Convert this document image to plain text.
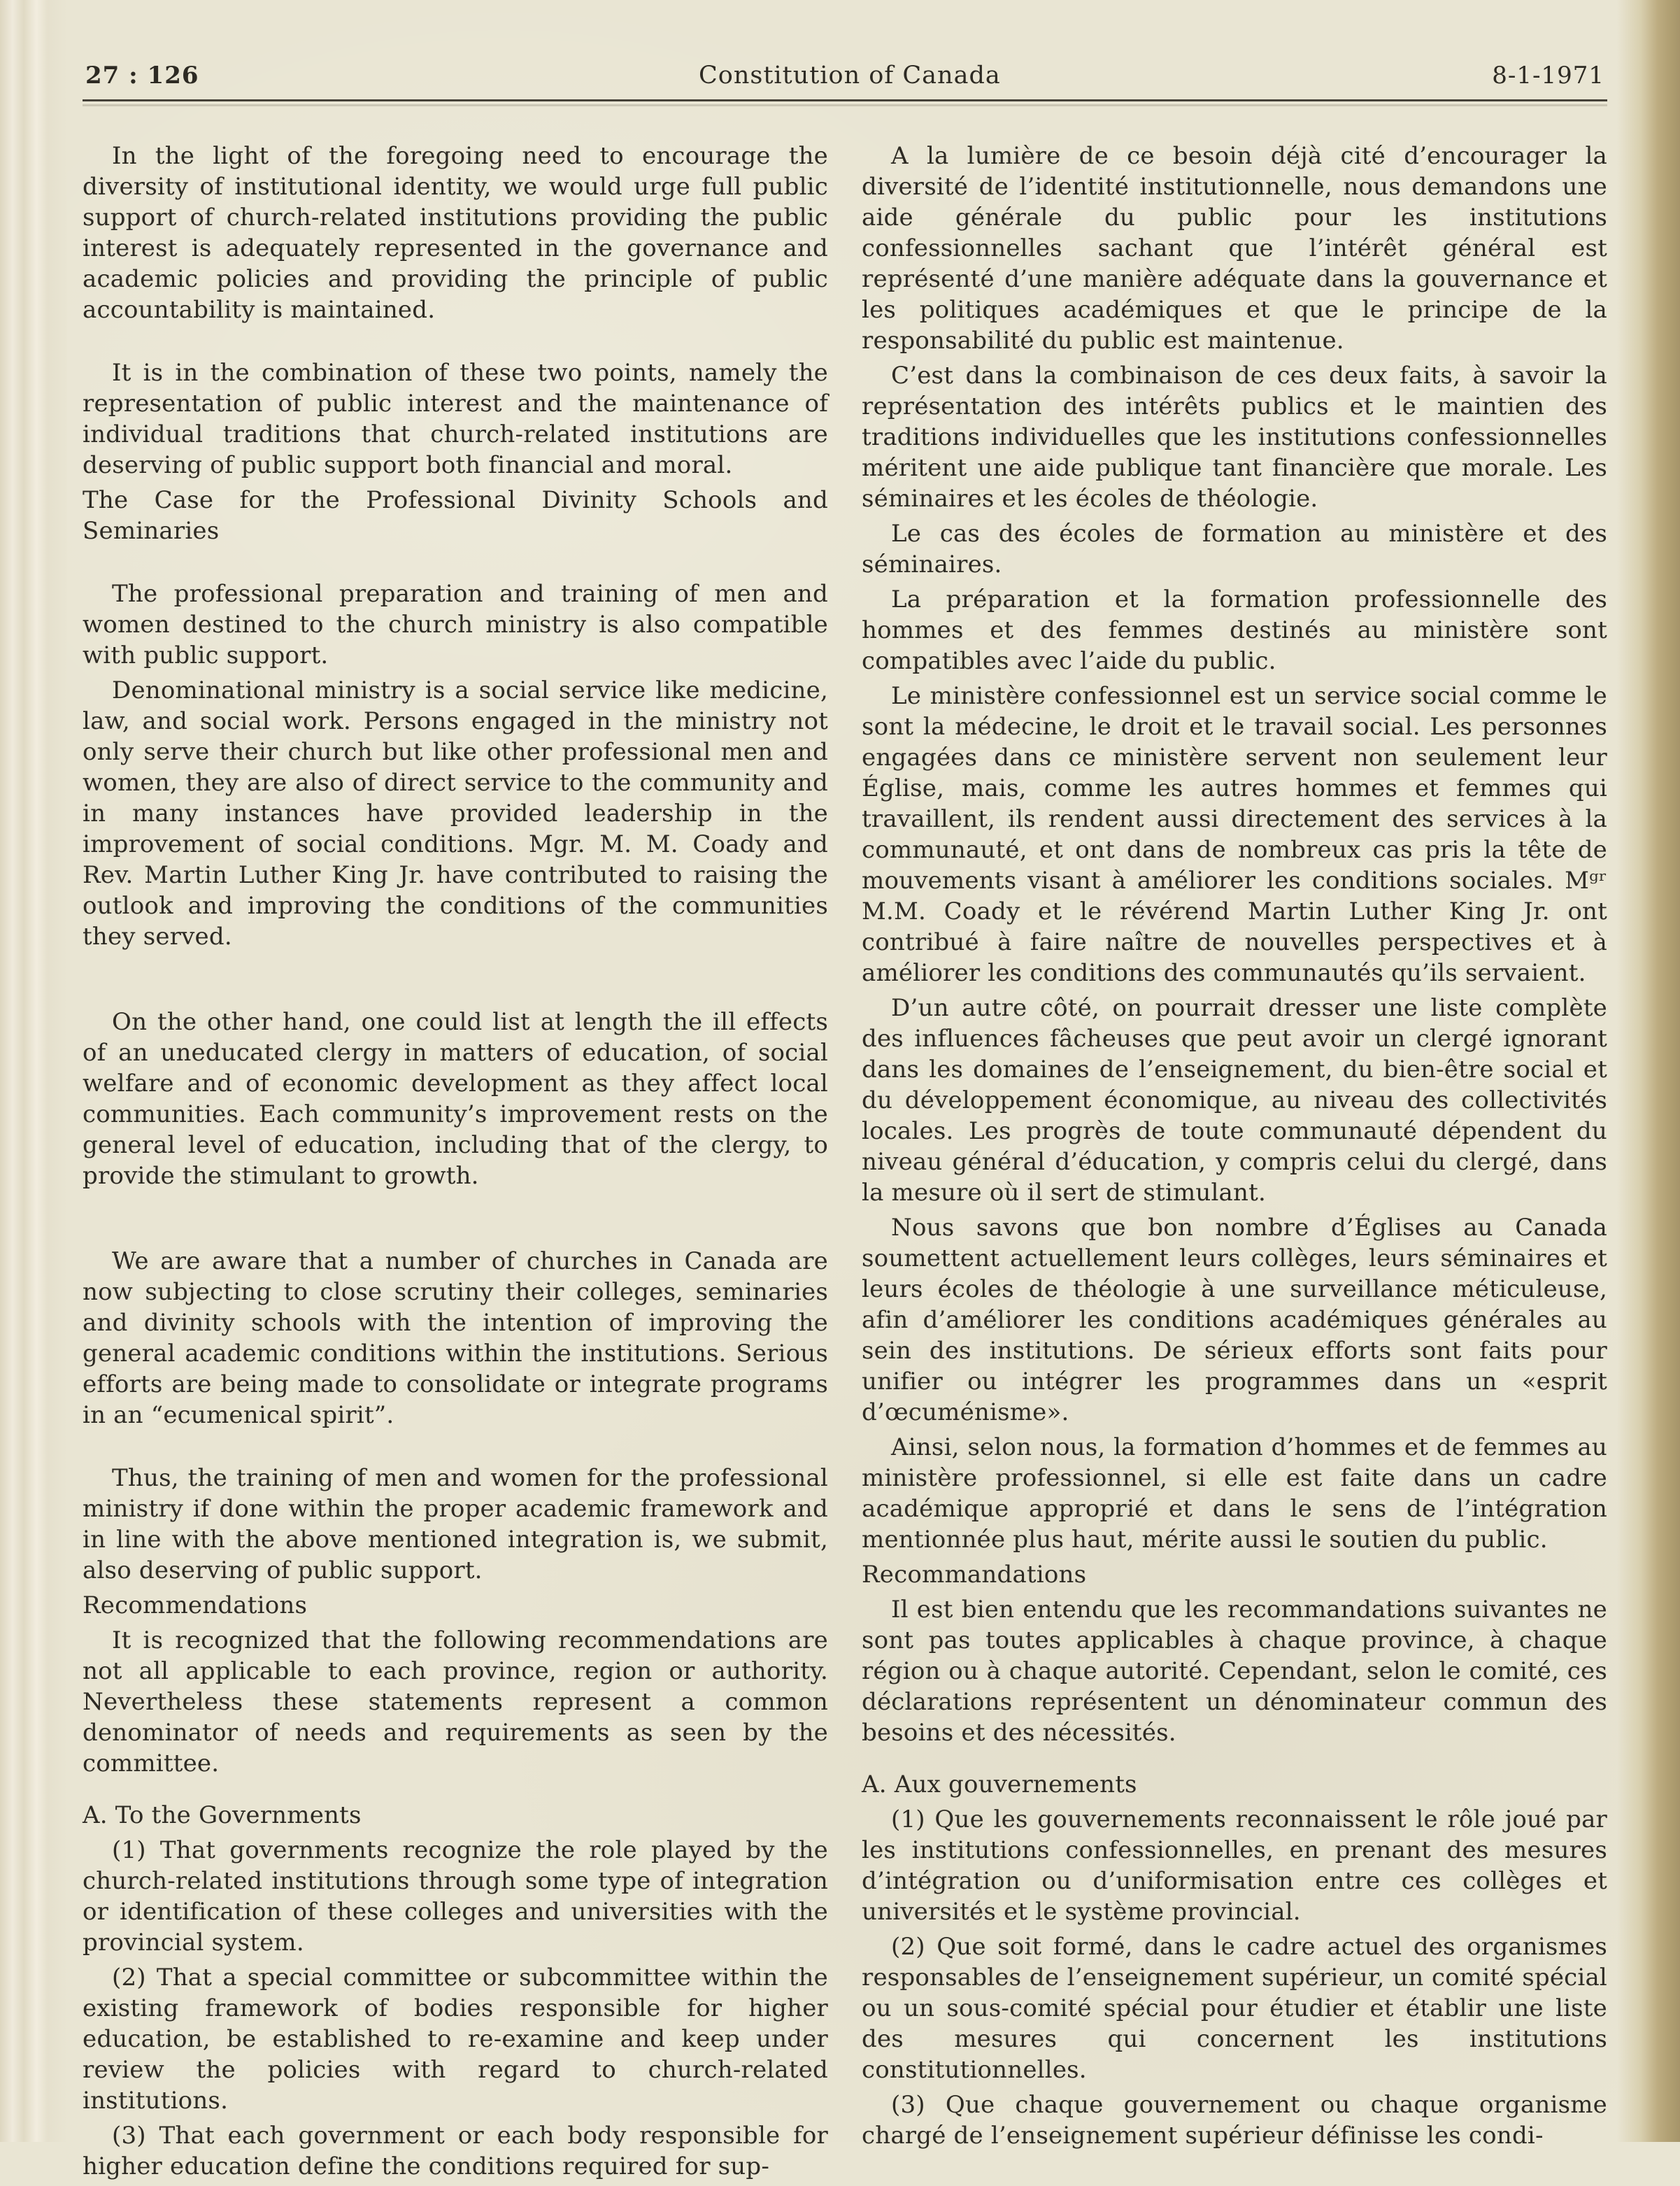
27 : 126	Constitution of Canada	8-1-1971

In the light of the foregoing need to encourage the diversity of institutional identity, we would urge full public support of church-related institutions providing the public interest is adequately represented in the governance and academic policies and providing the principle of public accountability is maintained.

It is in the combination of these two points, namely the representation of public interest and the maintenance of individual traditions that church-related institutions are deserving of public support both financial and moral.

The Case for the Professional Divinity Schools and Seminaries

The professional preparation and training of men and women destined to the church ministry is also compatible with public support.

Denominational ministry is a social service like medicine, law, and social work. Persons engaged in the ministry not only serve their church but like other professional men and women, they are also of direct service to the community and in many instances have provided leadership in the improvement of social conditions. Mgr. M. M. Coady and Rev. Martin Luther King Jr. have contributed to raising the outlook and improving the conditions of the communities they served.

On the other hand, one could list at length the ill effects of an uneducated clergy in matters of education, of social welfare and of economic development as they affect local communities. Each community’s improvement rests on the general level of education, including that of the clergy, to provide the stimulant to growth.

We are aware that a number of churches in Canada are now subjecting to close scrutiny their colleges, seminaries and divinity schools with the intention of improving the general academic conditions within the institutions. Serious efforts are being made to consolidate or integrate programs in an “ecumenical spirit”.

Thus, the training of men and women for the professional ministry if done within the proper academic framework and in line with the above mentioned integration is, we submit, also deserving of public support.

Recommendations

It is recognized that the following recommendations are not all applicable to each province, region or authority. Nevertheless these statements represent a common denominator of needs and requirements as seen by the committee.

A. To the Governments

(1) That governments recognize the role played by the church-related institutions through some type of integration or identification of these colleges and universities with the provincial system.

(2) That a special committee or subcommittee within the existing framework of bodies responsible for higher education, be established to re-examine and keep under review the policies with regard to church-related institutions.

(3) That each government or each body responsible for higher education define the conditions required for sup-

A la lumière de ce besoin déjà cité d’encourager la diversité de l’identité institutionnelle, nous demandons une aide générale du public pour les institutions confessionnelles sachant que l’intérêt général est représenté d’une manière adéquate dans la gouvernance et les politiques académiques et que le principe de la responsabilité du public est maintenue.

C’est dans la combinaison de ces deux faits, à savoir la représentation des intérêts publics et le maintien des traditions individuelles que les institutions confessionnelles méritent une aide publique tant financière que morale. Les séminaires et les écoles de théologie.

Le cas des écoles de formation au ministère et des séminaires.

La préparation et la formation professionnelle des hommes et des femmes destinés au ministère sont compatibles avec l’aide du public.

Le ministère confessionnel est un service social comme le sont la médecine, le droit et le travail social. Les personnes engagées dans ce ministère servent non seulement leur Église, mais, comme les autres hommes et femmes qui travaillent, ils rendent aussi directement des services à la communauté, et ont dans de nombreux cas pris la tête de mouvements visant à améliorer les conditions sociales. Mᵍʳ M.M. Coady et le révérend Martin Luther King Jr. ont contribué à faire naître de nouvelles perspectives et à améliorer les conditions des communautés qu’ils servaient.

D’un autre côté, on pourrait dresser une liste complète des influences fâcheuses que peut avoir un clergé ignorant dans les domaines de l’enseignement, du bien-être social et du développement économique, au niveau des collectivités locales. Les progrès de toute communauté dépendent du niveau général d’éducation, y compris celui du clergé, dans la mesure où il sert de stimulant.

Nous savons que bon nombre d’Églises au Canada soumettent actuellement leurs collèges, leurs séminaires et leurs écoles de théologie à une surveillance méticuleuse, afin d’améliorer les conditions académiques générales au sein des institutions. De sérieux efforts sont faits pour unifier ou intégrer les programmes dans un «esprit d’œcuménisme».

Ainsi, selon nous, la formation d’hommes et de femmes au ministère professionnel, si elle est faite dans un cadre académique approprié et dans le sens de l’intégration mentionnée plus haut, mérite aussi le soutien du public.

Recommandations

Il est bien entendu que les recommandations suivantes ne sont pas toutes applicables à chaque province, à chaque région ou à chaque autorité. Cependant, selon le comité, ces déclarations représentent un dénominateur commun des besoins et des nécessités.

A. Aux gouvernements

(1) Que les gouvernements reconnaissent le rôle joué par les institutions confessionnelles, en prenant des mesures d’intégration ou d’uniformisation entre ces collèges et universités et le système provincial.

(2) Que soit formé, dans le cadre actuel des organismes responsables de l’enseignement supérieur, un comité spécial ou un sous-comité spécial pour étudier et établir une liste des mesures qui concernent les institutions constitutionnelles.

(3) Que chaque gouvernement ou chaque organisme chargé de l’enseignement supérieur définisse les condi-
